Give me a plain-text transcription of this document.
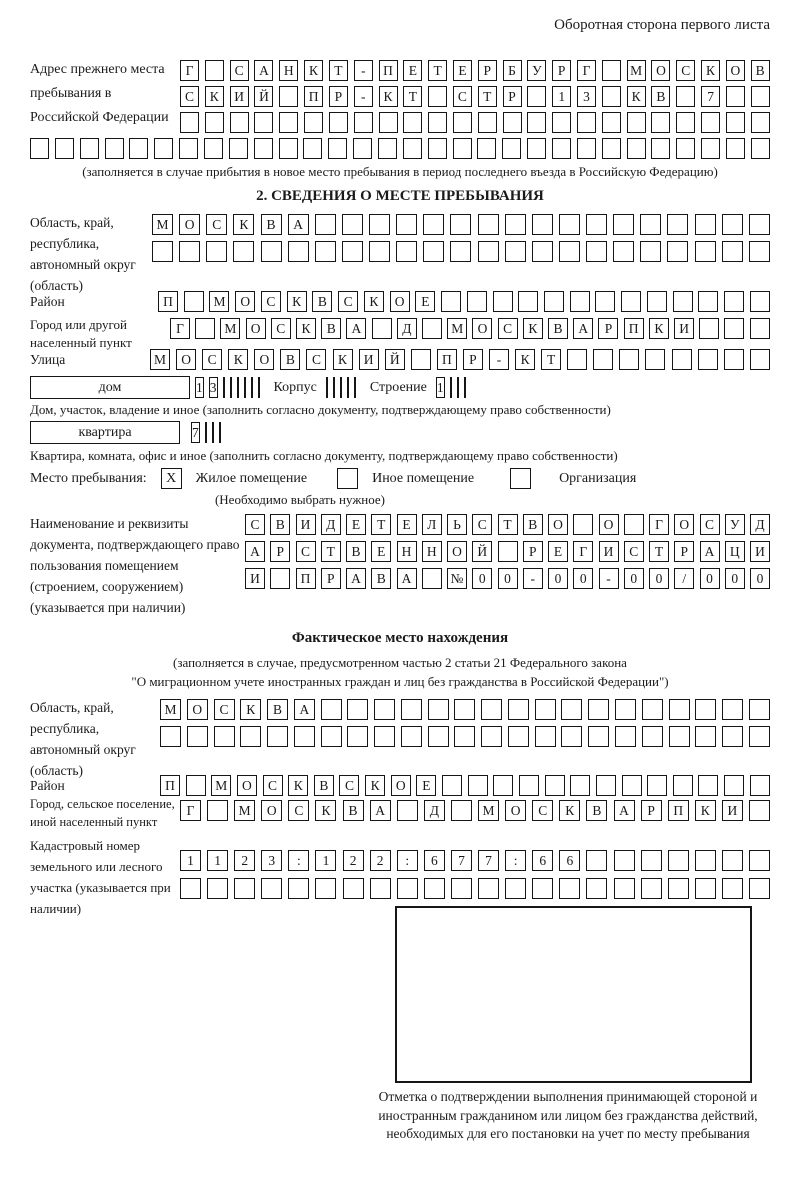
Оборотная сторона первого листа
Адрес прежнего места пребывания в Российской Федерации
Г	С	А	Н	К	Т	-	П	Е	Т	Е	Р	Б	У	Р	Г	М	О	С	К	О	В
С	К	И	Й	П	Р	-	К	Т	С	Т	Р	1	3	К	В	7
(заполняется в случае прибытия в новое место пребывания в период последнего въезда в Российскую Федерацию)
2. СВЕДЕНИЯ О МЕСТЕ ПРЕБЫВАНИЯ
Область, край, республика, автономный округ (область)
М	О	С	К	В	А
Район	П	М	О	С	К	В	С	К	О	Е
Город или другой населенный пункт
Г	М	О	С	К	В	А	Д	М	О	С	К	В	А	Р	П	К	И
Улица	М	О	С	К	О	В	С	К	И	Й	П	Р	-	К	Т
дом	1 3	Корпус	Строение 1
Дом, участок, владение и иное (заполнить согласно документу, подтверждающему право собственности)
квартира	7
Квартира, комната, офис и иное (заполнить согласно документу, подтверждающему право собственности)
Место пребывания:	X	Жилое помещение	Иное помещение	Организация
(Необходимо выбрать нужное)
Наименование и реквизиты документа, подтверждающего право пользования помещением (строением, сооружением) (указывается при наличии)
С	В	И	Д	Е	Т	Е	Л	Ь	С	Т	В	О	О	Г	О	С	У	Д
А	Р	С	Т	В	Е	Н	Н	О	Й	Р	Е	Г	И	С	Т	Р	А	Ц	И
И	П	Р	А	В	А	№	0	0	-	0	0	-	0	0	/	0	0	0
Фактическое место нахождения
(заполняется в случае, предусмотренном частью 2 статьи 21 Федерального закона
"О миграционном учете иностранных граждан и лиц без гражданства в Российской Федерации")
Область, край, республика, автономный округ (область)
М	О	С	К	В	А
Район	П	М	О	С	К	В	С	К	О	Е
Город, сельское поселение, иной населенный пункт
Г	М	О	С	К	В	А	Д	М	О	С	К	В	А	Р	П	К	И
Кадастровый номер земельного или лесного участка (указывается при наличии)
1	1	2	3	:	1	2	2	:	6	7	7	:	6	6
Отметка о подтверждении выполнения принимающей стороной и иностранным гражданином или лицом без гражданства действий, необходимых для его постановки на учет по месту пребывания
